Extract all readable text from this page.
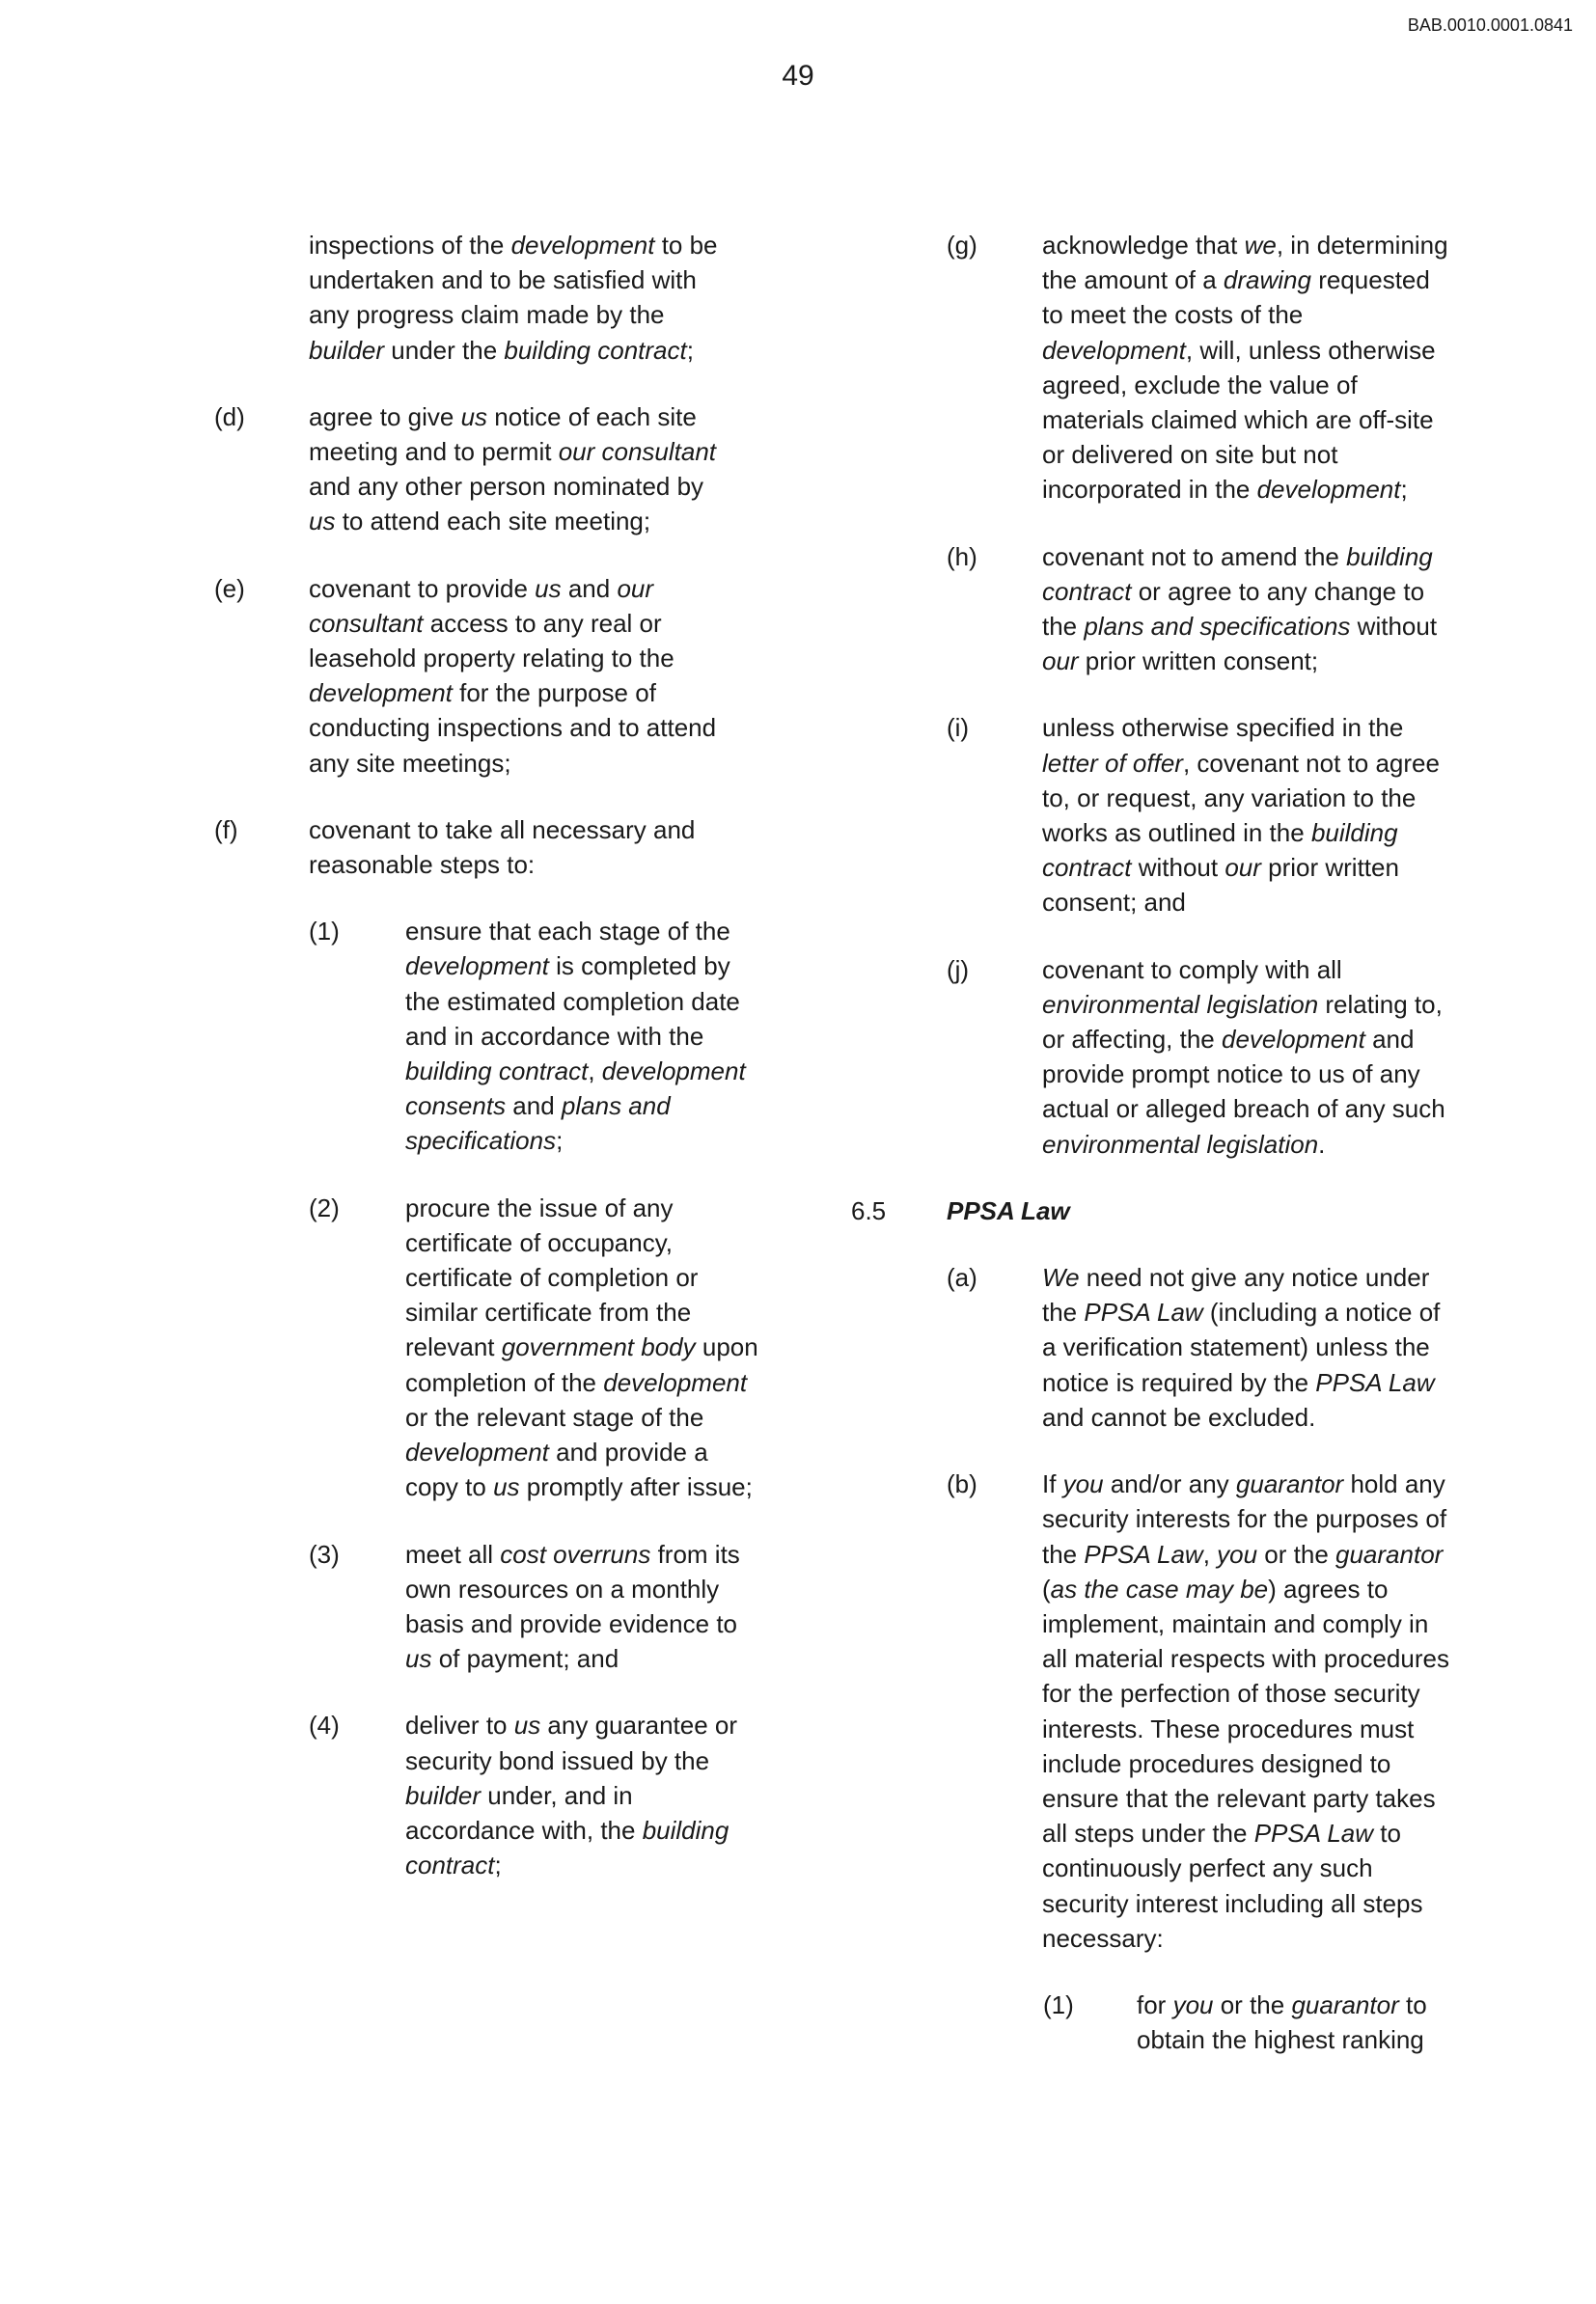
BAB.0010.0001.0841
49
inspections of the development to be undertaken and to be satisfied with any progress claim made by the builder under the building contract;
(d)	agree to give us notice of each site meeting and to permit our consultant and any other person nominated by us to attend each site meeting;
(e)	covenant to provide us and our consultant access to any real or leasehold property relating to the development for the purpose of conducting inspections and to attend any site meetings;
(f)	covenant to take all necessary and reasonable steps to:
(1)	ensure that each stage of the development is completed by the estimated completion date and in accordance with the building contract, development consents and plans and specifications;
(2)	procure the issue of any certificate of occupancy, certificate of completion or similar certificate from the relevant government body upon completion of the development or the relevant stage of the development and provide a copy to us promptly after issue;
(3)	meet all cost overruns from its own resources on a monthly basis and provide evidence to us of payment; and
(4)	deliver to us any guarantee or security bond issued by the builder under, and in accordance with, the building contract;
(g)	acknowledge that we, in determining the amount of a drawing requested to meet the costs of the development, will, unless otherwise agreed, exclude the value of materials claimed which are off-site or delivered on site but not incorporated in the development;
(h)	covenant not to amend the building contract or agree to any change to the plans and specifications without our prior written consent;
(i)	unless otherwise specified in the letter of offer, covenant not to agree to, or request, any variation to the works as outlined in the building contract without our prior written consent; and
(j)	covenant to comply with all environmental legislation relating to, or affecting, the development and provide prompt notice to us of any actual or alleged breach of any such environmental legislation.
6.5 PPSA Law
(a)	We need not give any notice under the PPSA Law (including a notice of a verification statement) unless the notice is required by the PPSA Law and cannot be excluded.
(b)	If you and/or any guarantor hold any security interests for the purposes of the PPSA Law, you or the guarantor (as the case may be) agrees to implement, maintain and comply in all material respects with procedures for the perfection of those security interests. These procedures must include procedures designed to ensure that the relevant party takes all steps under the PPSA Law to continuously perfect any such security interest including all steps necessary:
(1)	for you or the guarantor to obtain the highest ranking
